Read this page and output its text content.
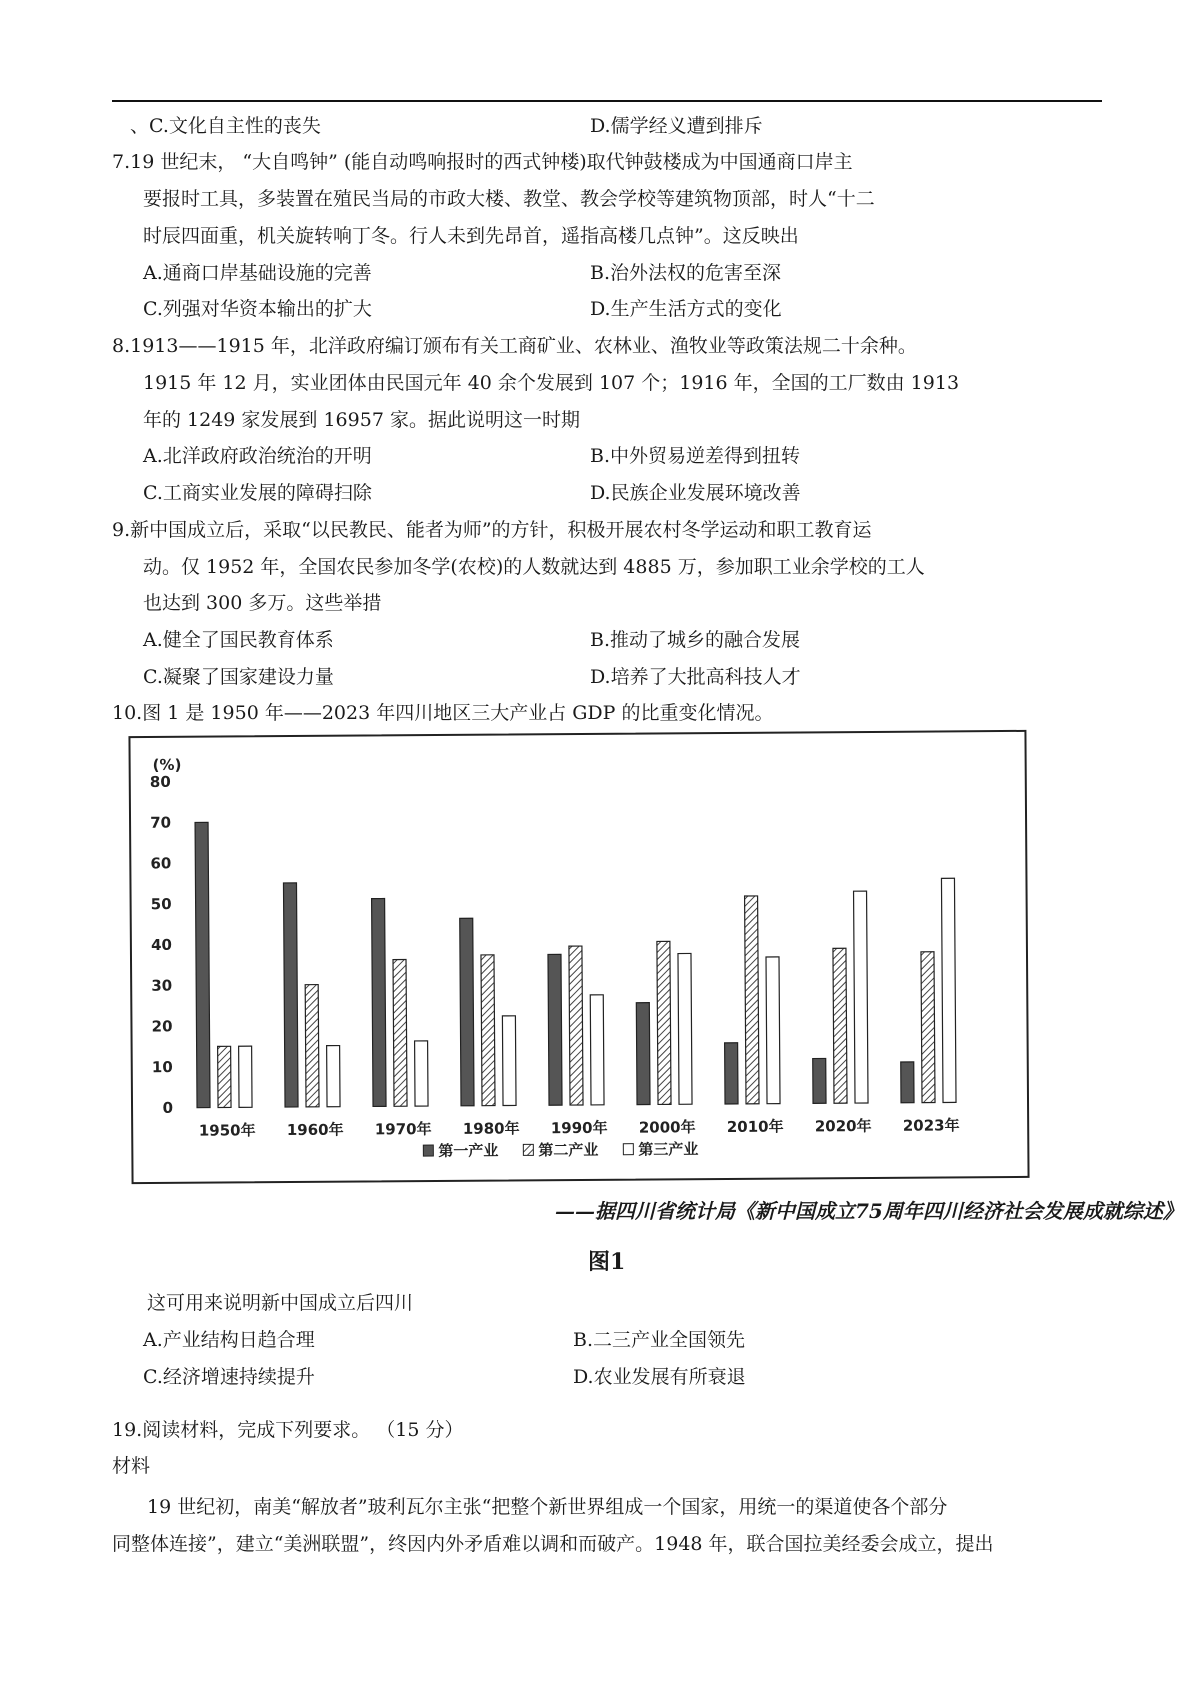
、C.文化自主性的丧失	D.儒学经义遭到排斥
7.19 世纪末， “大自鸣钟” (能自动鸣响报时的西式钟楼)取代钟鼓楼成为中国通商口岸主
要报时工具，多装置在殖民当局的市政大楼、教堂、教会学校等建筑物顶部，时人“十二
时辰四面重，机关旋转响丁冬。行人未到先昂首，遥指高楼几点钟”。这反映出
A.通商口岸基础设施的完善	B.治外法权的危害至深
C.列强对华资本输出的扩大	D.生产生活方式的变化
8.1913——1915 年，北洋政府编订颁布有关工商矿业、农林业、渔牧业等政策法规二十余种。
1915 年 12 月，实业团体由民国元年 40 余个发展到 107 个；1916 年，全国的工厂数由 1913
年的 1249 家发展到 16957 家。据此说明这一时期
A.北洋政府政治统治的开明	B.中外贸易逆差得到扭转
C.工商实业发展的障碍扫除	D.民族企业发展环境改善
9.新中国成立后，采取“以民教民、能者为师”的方针，积极开展农村冬学运动和职工教育运
动。仅 1952 年，全国农民参加冬学(农校)的人数就达到 4885 万，参加职工业余学校的工人
也达到 300 多万。这些举措
A.健全了国民教育体系	B.推动了城乡的融合发展
C.凝聚了国家建设力量	D.培养了大批高科技人才
10.图 1 是 1950 年——2023 年四川地区三大产业占 GDP 的比重变化情况。
(%)
0
10
20
30
40
50
60
70
80
1950年 1960年 1970年 1980年 1990年 2000年 2010年 2020年 2023年
第一产业	第二产业	第三产业
——据四川省统计局《新中国成立75周年四川经济社会发展成就综述》
图1
这可用来说明新中国成立后四川
A.产业结构日趋合理	B.二三产业全国领先
C.经济增速持续提升	D.农业发展有所衰退
19.阅读材料，完成下列要求。 （15 分）
材料
19 世纪初，南美“解放者”玻利瓦尔主张“把整个新世界组成一个国家，用统一的渠道使各个部分
同整体连接”，建立“美洲联盟”，终因内外矛盾难以调和而破产。1948 年，联合国拉美经委会成立，提出
